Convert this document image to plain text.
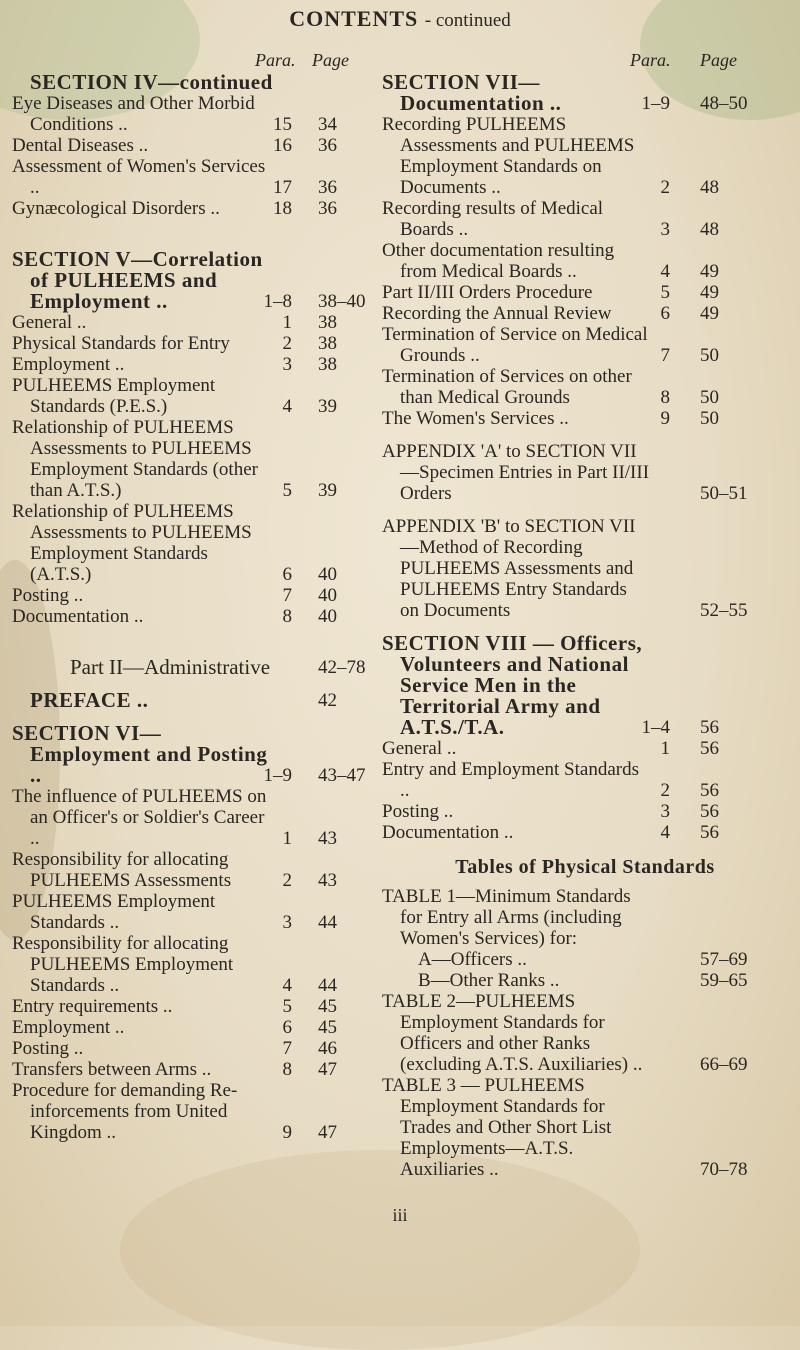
CONTENTS - continued
Para. Page
SECTION IV—continued
Eye Diseases and Other Morbid Conditions ..	15 34
Dental Diseases ..	16 36
Assessment of Women's Services ..	17 36
Gynæcological Disorders ..	18 36
SECTION V—Correlation of PULHEEMS and Employment ..	1–8 38–40
General ..	1 38
Physical Standards for Entry	2 38
Employment ..	3 38
PULHEEMS Employment Standards (P.E.S.)	4 39
Relationship of PULHEEMS Assessments to PULHEEMS Employment Standards (other than A.T.S.)	5 39
Relationship of PULHEEMS Assessments to PULHEEMS Employment Standards (A.T.S.)	6 40
Posting ..	7 40
Documentation ..	8 40
Part II—Administrative	42–78
PREFACE ..	42
SECTION VI—Employment and Posting ..	1–9 43–47
The influence of PULHEEMS on an Officer's or Soldier's Career ..	1 43
Responsibility for allocating PULHEEMS Assessments	2 43
PULHEEMS Employment Standards ..	3 44
Responsibility for allocating PULHEEMS Employment Standards ..	4 44
Entry requirements ..	5 45
Employment ..	6 45
Posting ..	7 46
Transfers between Arms ..	8 47
Procedure for demanding Re-inforcements from United Kingdom ..	9 47
Para. Page
SECTION VII—Documentation ..	1–9 48–50
Recording PULHEEMS Assessments and PULHEEMS Employment Standards on Documents ..	2 48
Recording results of Medical Boards ..	3 48
Other documentation resulting from Medical Boards ..	4 49
Part II/III Orders Procedure	5 49
Recording the Annual Review	6 49
Termination of Service on Medical Grounds ..	7 50
Termination of Services on other than Medical Grounds	8 50
The Women's Services ..	9 50
APPENDIX 'A' to SECTION VII—Specimen Entries in Part II/III Orders	50–51
APPENDIX 'B' to SECTION VII—Method of Recording PULHEEMS Assessments and PULHEEMS Entry Standards on Documents	52–55
SECTION VIII — Officers, Volunteers and National Service Men in the Territorial Army and A.T.S./T.A.	1–4 56
General ..	1 56
Entry and Employment Standards ..	2 56
Posting ..	3 56
Documentation ..	4 56
Tables of Physical Standards
TABLE 1—Minimum Standards for Entry all Arms (including Women's Services) for:
A—Officers ..	57–69
B—Other Ranks ..	59–65
TABLE 2—PULHEEMS Employment Standards for Officers and other Ranks (excluding A.T.S. Auxiliaries) ..	66–69
TABLE 3 — PULHEEMS Employment Standards for Trades and Other Short List Employments—A.T.S. Auxiliaries ..	70–78
iii
